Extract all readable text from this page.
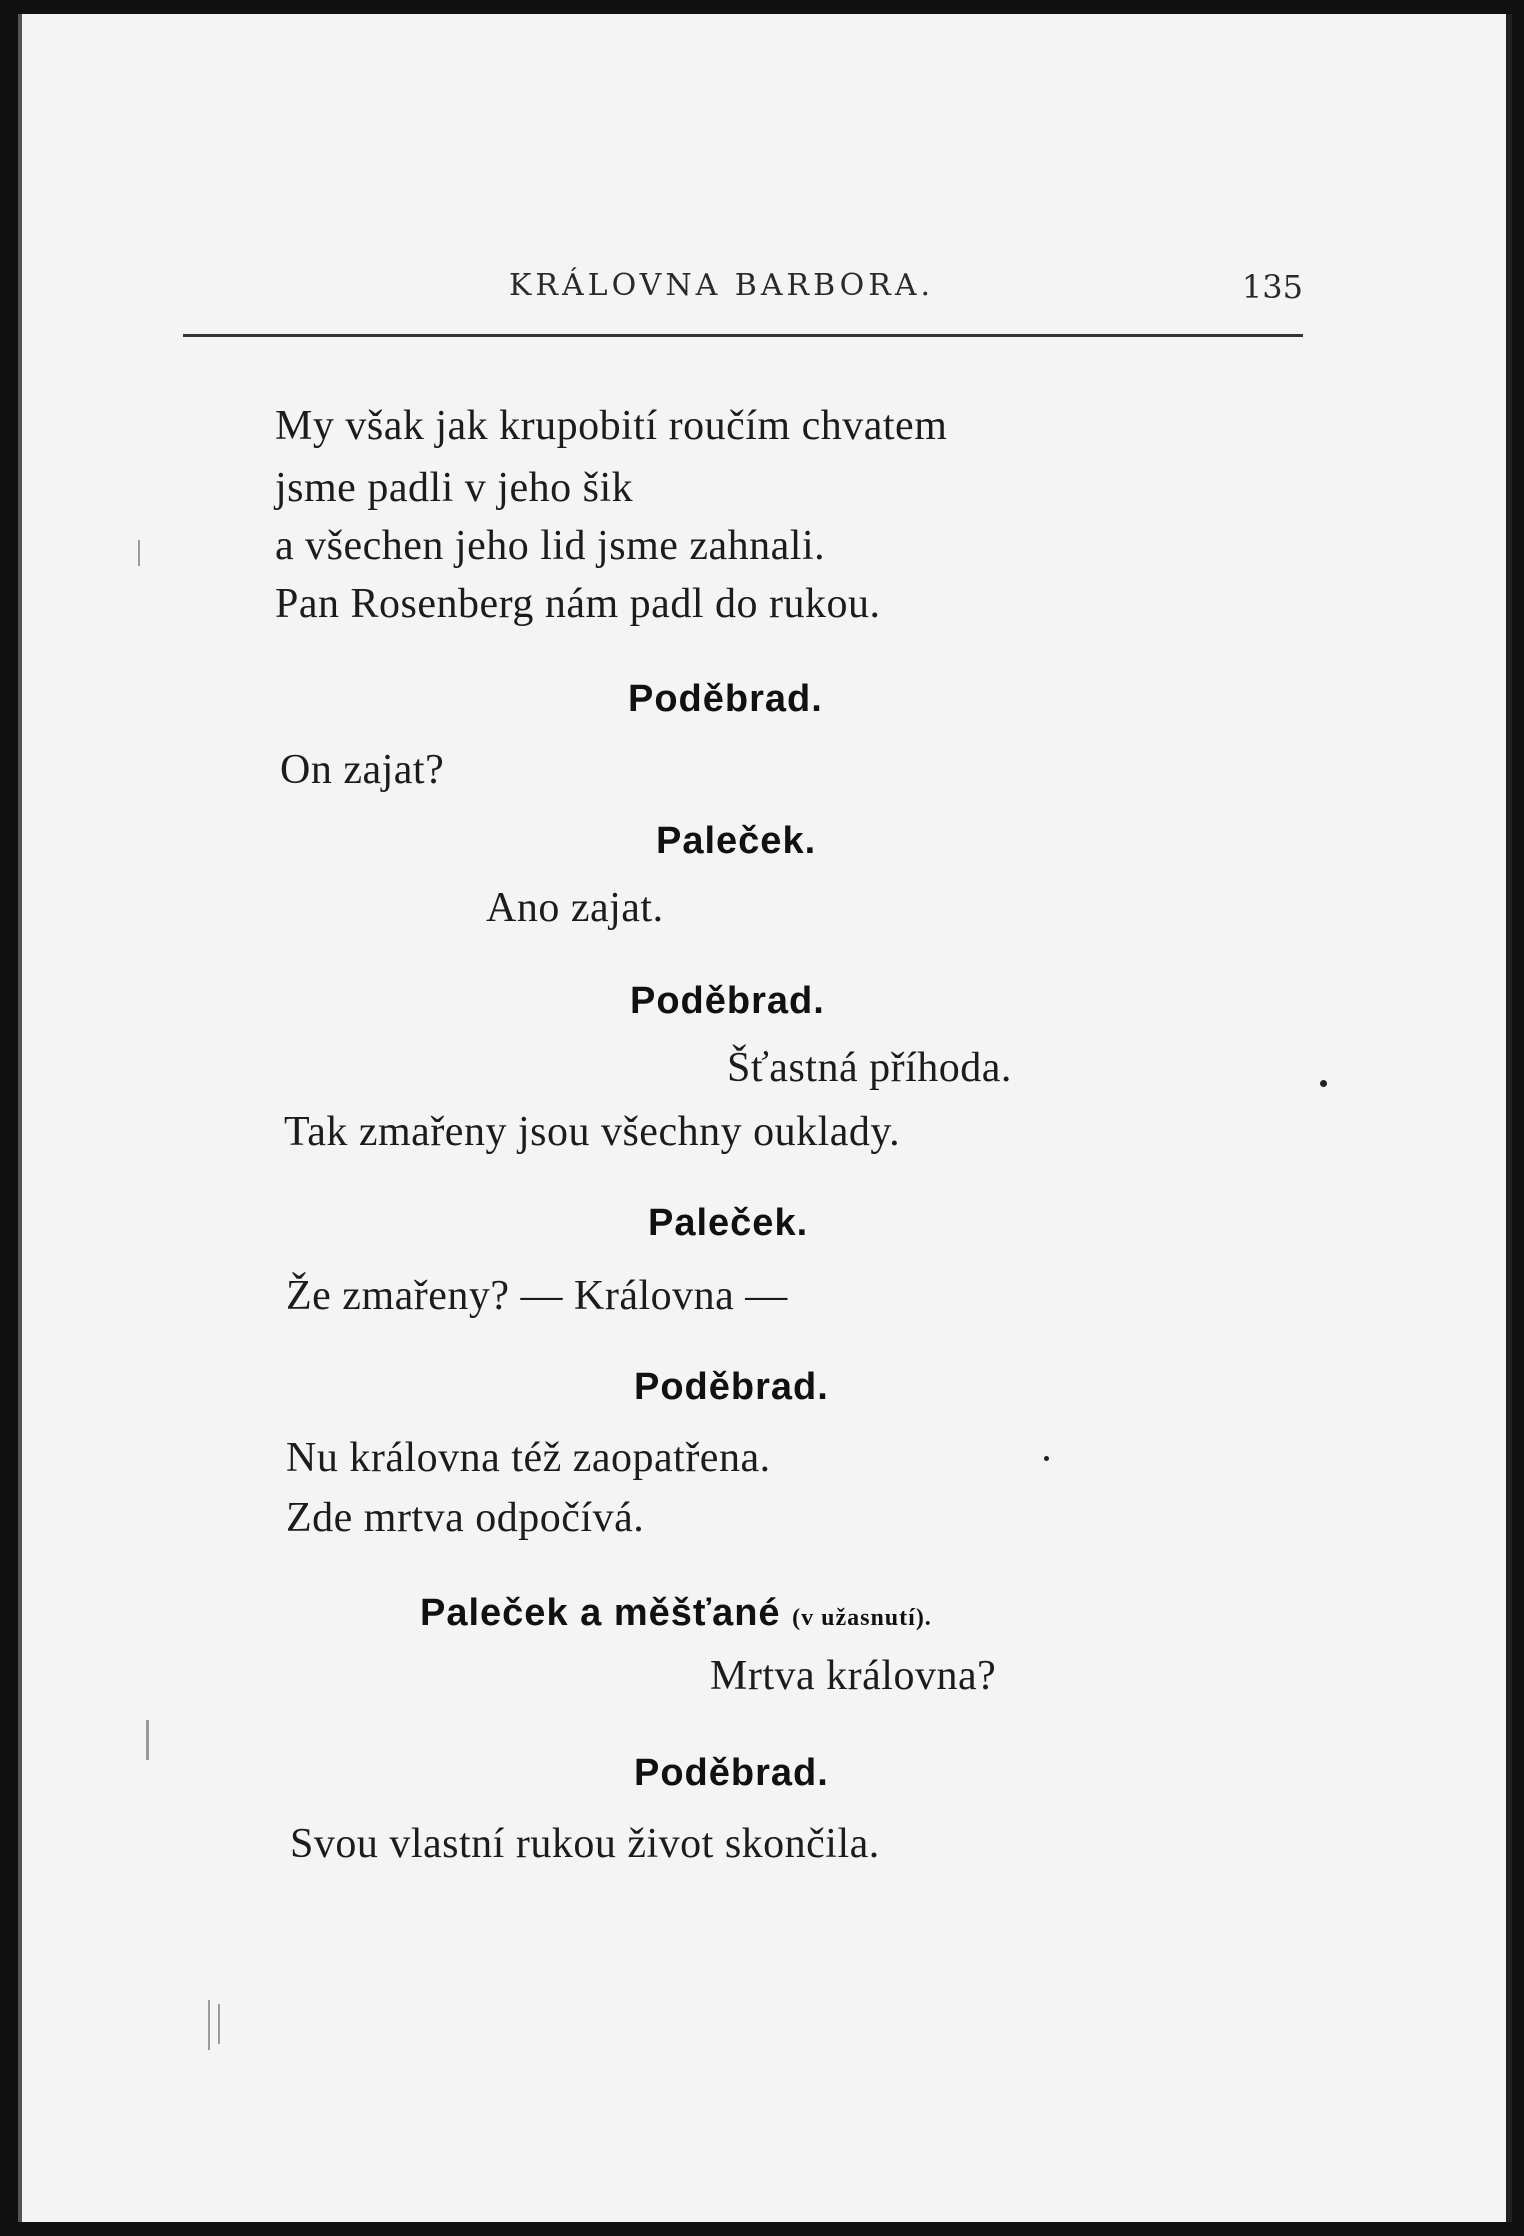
KRÁLOVNA BARBORA.	135
My však jak krupobití roučím chvatem
jsme padli v jeho šik
a všechen jeho lid jsme zahnali.
Pan Rosenberg nám padl do rukou.
Poděbrad.
On zajat?
Paleček.
Ano zajat.
Poděbrad.
Šťastná příhoda.
Tak zmařeny jsou všechny ouklady.
Paleček.
Že zmařeny? — Královna —
Poděbrad.
Nu královna též zaopatřena.
Zde mrtva odpočívá.
Paleček a měšťané (v užasnutí).
Mrtva královna?
Poděbrad.
Svou vlastní rukou život skončila.
